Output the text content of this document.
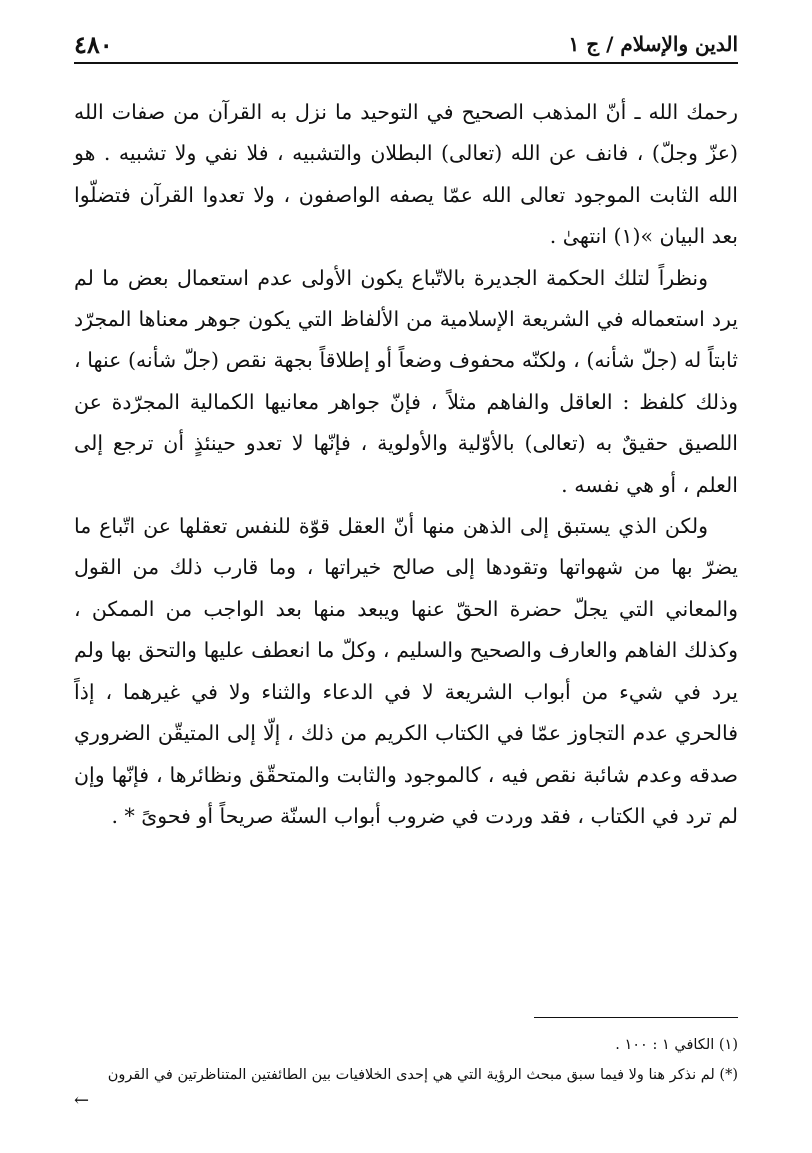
٤٨٠	الدين والإسلام / ج ١

رحمك الله ـ أنّ المذهب الصحيح في التوحيد ما نزل به القرآن من صفات الله (عزّ وجلّ) ، فانف عن الله (تعالى) البطلان والتشبيه ، فلا نفي ولا تشبيه . هو الله الثابت الموجود تعالى الله عمّا يصفه الواصفون ، ولا تعدوا القرآن فتضلّوا بعد البيان »(١) انتهىٰ .

ونظراً لتلك الحكمة الجديرة بالاتّباع يكون الأولى عدم استعمال بعض ما لم يرد استعماله في الشريعة الإسلامية من الألفاظ التي يكون جوهر معناها المجرّد ثابتاً له (جلّ شأنه) ، ولكنّه محفوف وضعاً أو إطلاقاً بجهة نقص (جلّ شأنه) عنها ، وذلك كلفظ : العاقل والفاهم مثلاً ، فإنّ جواهر معانيها الكمالية المجرّدة عن اللصيق حقيقٌ به (تعالى) بالأوّلية والأولوية ، فإنّها لا تعدو حينئذٍ أن ترجع إلى العلم ، أو هي نفسه .

ولكن الذي يستبق إلى الذهن منها أنّ العقل قوّة للنفس تعقلها عن اتّباع ما يضرّ بها من شهواتها وتقودها إلى صالح خيراتها ، وما قارب ذلك من القول والمعاني التي يجلّ حضرة الحقّ عنها ويبعد منها بعد الواجب من الممكن ، وكذلك الفاهم والعارف والصحيح والسليم ، وكلّ ما انعطف عليها والتحق بها ولم يرد في شيء من أبواب الشريعة لا في الدعاء والثناء ولا في غيرهما ، إذاً فالحري عدم التجاوز عمّا في الكتاب الكريم من ذلك ، إلّا إلى المتيقّن الضروري صدقه وعدم شائبة نقص فيه ، كالموجود والثابت والمتحقّق ونظائرها ، فإنّها وإن لم ترد في الكتاب ، فقد وردت في ضروب أبواب السنّة صريحاً أو فحوىً * .

(١) الكافي ١ : ١٠٠ .

(*) لم نذكر هنا ولا فيما سبق مبحث الرؤية التي هي إحدى الخلافيات بين الطائفتين المتناظرتين في القرون

←
